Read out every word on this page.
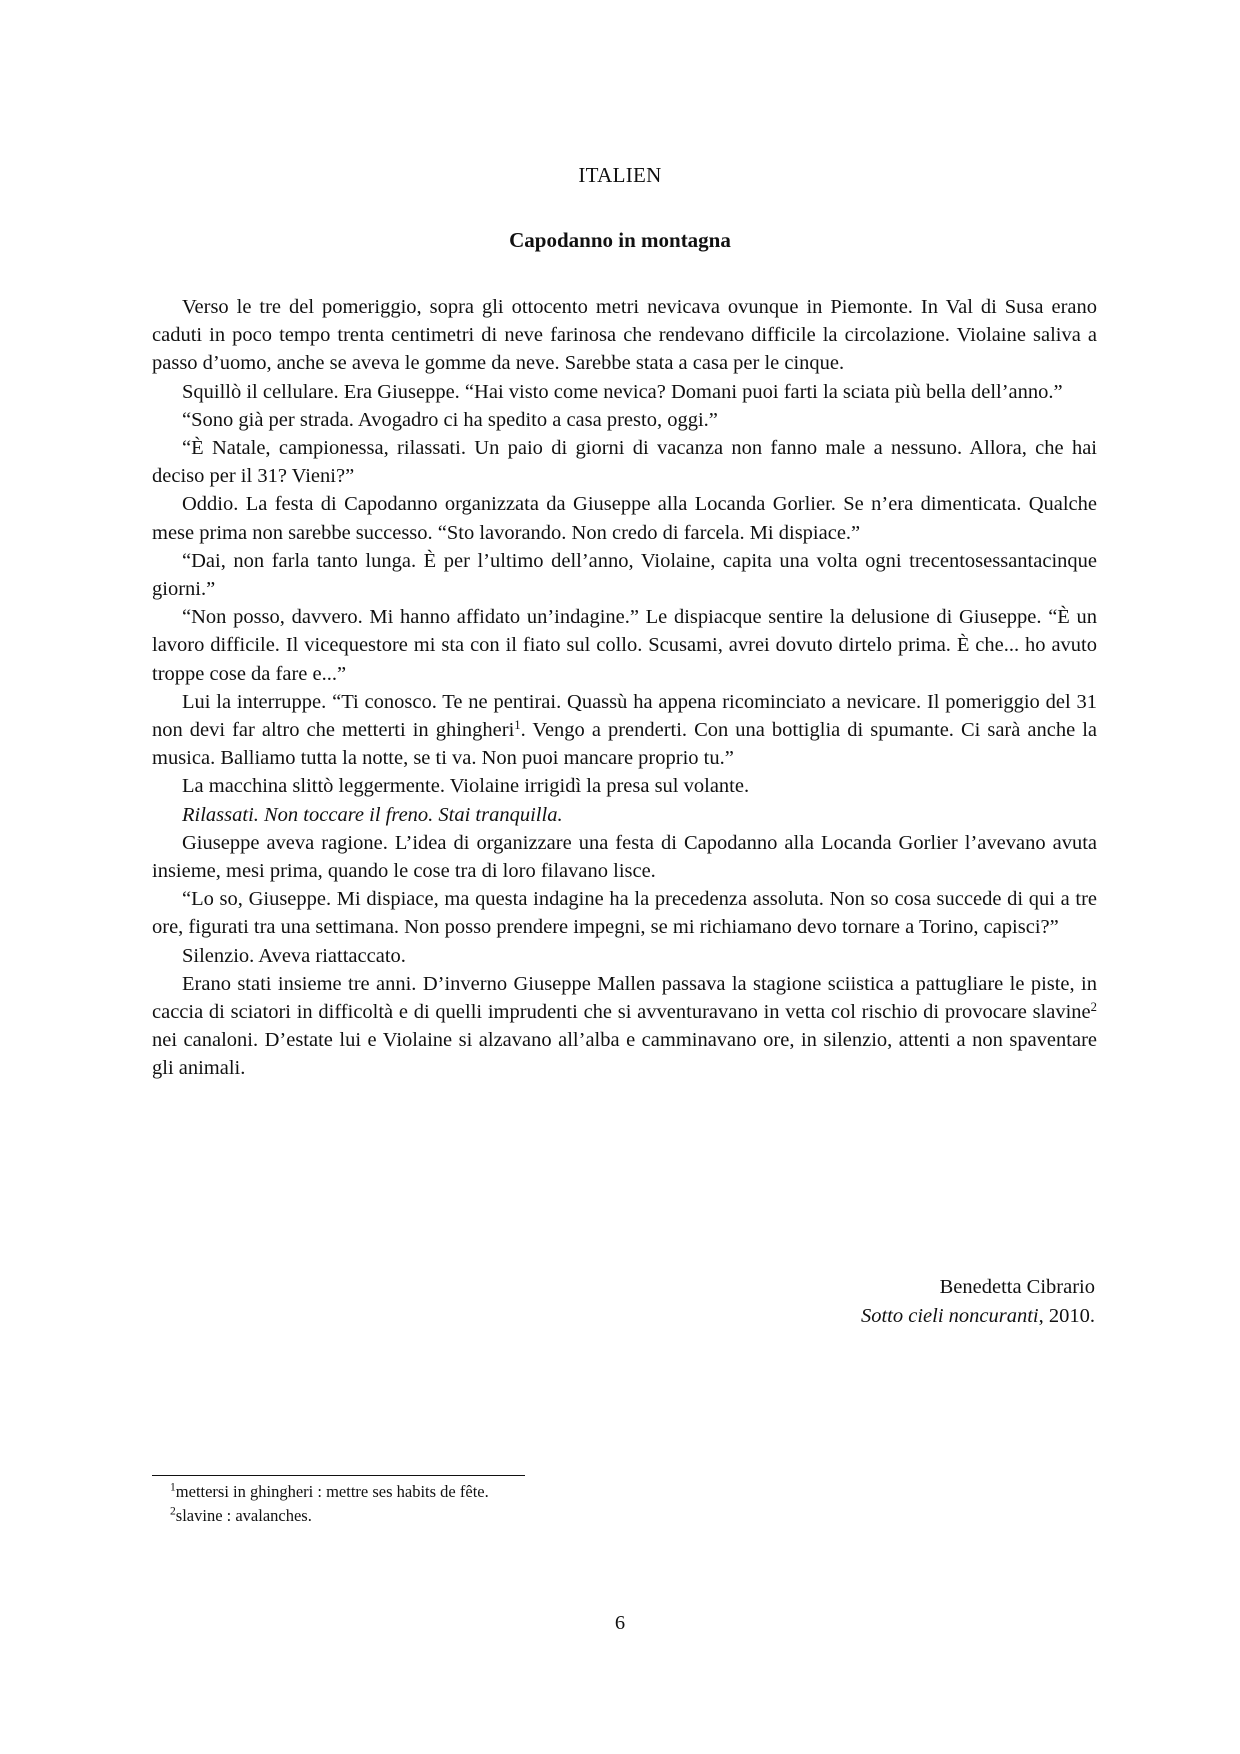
ITALIEN
Capodanno in montagna

Verso le tre del pomeriggio, sopra gli ottocento metri nevicava ovunque in Piemonte. In Val di Susa erano caduti in poco tempo trenta centimetri di neve farinosa che rendevano difficile la circolazione. Violaine saliva a passo d’uomo, anche se aveva le gomme da neve. Sarebbe stata a casa per le cinque.

Squillò il cellulare. Era Giuseppe. “Hai visto come nevica? Domani puoi farti la sciata più bella dell’anno.”

“Sono già per strada. Avogadro ci ha spedito a casa presto, oggi.”

“È Natale, campionessa, rilassati. Un paio di giorni di vacanza non fanno male a nessuno. Allora, che hai deciso per il 31? Vieni?”

Oddio. La festa di Capodanno organizzata da Giuseppe alla Locanda Gorlier. Se n’era dimenticata. Qualche mese prima non sarebbe successo. “Sto lavorando. Non credo di farcela. Mi dispiace.”

“Dai, non farla tanto lunga. È per l’ultimo dell’anno, Violaine, capita una volta ogni trecentosessantacinque giorni.”

“Non posso, davvero. Mi hanno affidato un’indagine.” Le dispiacque sentire la delusione di Giuseppe. “È un lavoro difficile. Il vicequestore mi sta con il fiato sul collo. Scusami, avrei dovuto dirtelo prima. È che... ho avuto troppe cose da fare e...”

Lui la interruppe. “Ti conosco. Te ne pentirai. Quassù ha appena ricominciato a nevicare. Il pomeriggio del 31 non devi far altro che metterti in ghingheri$^1$. Vengo a prenderti. Con una bottiglia di spumante. Ci sarà anche la musica. Balliamo tutta la notte, se ti va. Non puoi mancare proprio tu.”

La macchina slittò leggermente. Violaine irrigidì la presa sul volante.

Rilassati. Non toccare il freno. Stai tranquilla.

Giuseppe aveva ragione. L’idea di organizzare una festa di Capodanno alla Locanda Gorlier l’avevano avuta insieme, mesi prima, quando le cose tra di loro filavano lisce.

“Lo so, Giuseppe. Mi dispiace, ma questa indagine ha la precedenza assoluta. Non so cosa succede di qui a tre ore, figurati tra una settimana. Non posso prendere impegni, se mi richiamano devo tornare a Torino, capisci?”

Silenzio. Aveva riattaccato.

Erano stati insieme tre anni. D’inverno Giuseppe Mallen passava la stagione sciistica a pattugliare le piste, in caccia di sciatori in difficoltà e di quelli imprudenti che si avventuravano in vetta col rischio di provocare slavine$^2$ nei canaloni. D’estate lui e Violaine si alzavano all’alba e camminavano ore, in silenzio, attenti a non spaventare gli animali.

Benedetta Cibrario
Sotto cieli noncuranti, 2010.
$^1$mettersi in ghingheri : mettre ses habits de fête.
$^2$slavine : avalanches.
6
